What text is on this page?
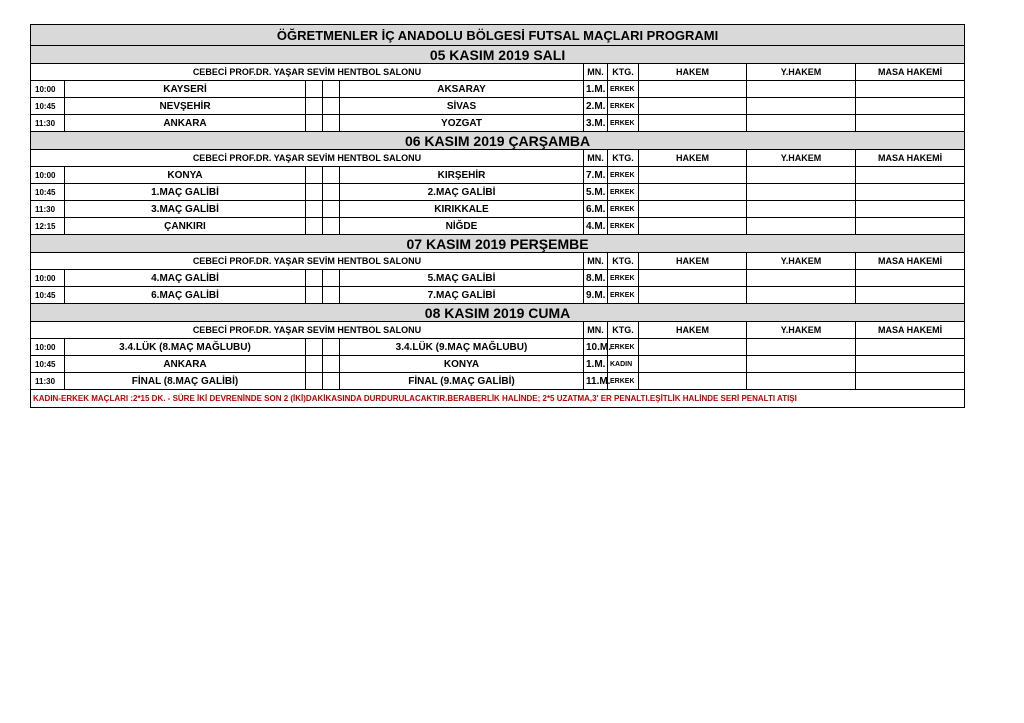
ÖĞRETMENLER İÇ ANADOLU BÖLGESİ FUTSAL MAÇLARI PROGRAMI									
05 KASIM 2019 SALI									
CEBECİ PROF.DR. YAŞAR SEVİM HENTBOL SALONU					MN.	KTG.	HAKEM	Y.HAKEM	MASA HAKEMİ
10:00	KAYSERİ			AKSARAY	1.M.	ERKEK			
10:45	NEVŞEHİR			SİVAS	2.M.	ERKEK			
11:30	ANKARA			YOZGAT	3.M.	ERKEK			
06 KASIM 2019 ÇARŞAMBA									
CEBECİ PROF.DR. YAŞAR SEVİM HENTBOL SALONU					MN.	KTG.	HAKEM	Y.HAKEM	MASA HAKEMİ
10:00	KONYA			KIRŞEHİR	7.M.	ERKEK			
10:45	1.MAÇ GALİBİ			2.MAÇ GALİBİ	5.M.	ERKEK			
11:30	3.MAÇ GALİBİ			KIRIKKALE	6.M.	ERKEK			
12:15	ÇANKIRI			NİĞDE	4.M.	ERKEK			
07 KASIM 2019 PERŞEMBE									
CEBECİ PROF.DR. YAŞAR SEVİM HENTBOL SALONU					MN.	KTG.	HAKEM	Y.HAKEM	MASA HAKEMİ
10:00	4.MAÇ GALİBİ			5.MAÇ GALİBİ	8.M.	ERKEK			
10:45	6.MAÇ GALİBİ			7.MAÇ GALİBİ	9.M.	ERKEK			
08 KASIM 2019 CUMA									
CEBECİ PROF.DR. YAŞAR SEVİM HENTBOL SALONU					MN.	KTG.	HAKEM	Y.HAKEM	MASA HAKEMİ
10:00	3.4.LÜK (8.MAÇ MAĞLUBU)			3.4.LÜK (9.MAÇ MAĞLUBU)	10.M.	ERKEK			
10:45	ANKARA			KONYA	1.M.	KADIN			
11:30	FİNAL (8.MAÇ GALİBİ)			FİNAL (9.MAÇ GALİBİ)	11.M.	ERKEK			
KADIN-ERKEK MAÇLARI :2*15 DK. - SÜRE İKİ DEVRENİNDE SON 2 (İKİ)DAKİKASINDA DURDURULACAKTIR.BERABERLİK HALİNDE; 2*5 UZATMA,3' ER PENALTI.EŞİTLİK HALİNDE SERİ PENALTI ATIŞI									
